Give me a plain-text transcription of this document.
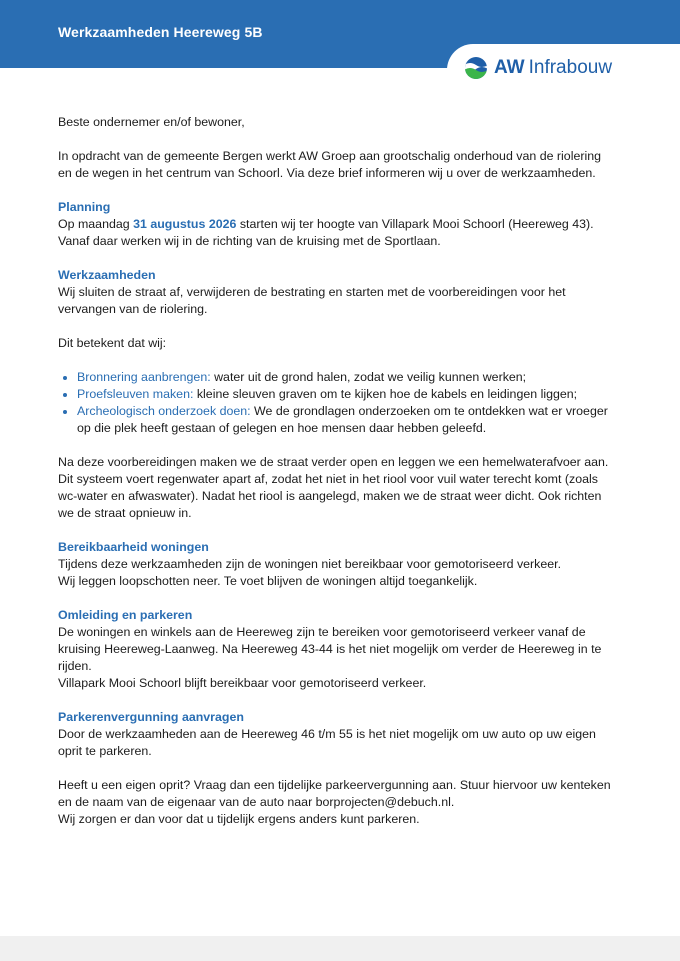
Werkzaamheden Heereweg 5B
AW Infrabouw

Beste ondernemer en/of bewoner,

In opdracht van de gemeente Bergen werkt AW Groep aan grootschalig onderhoud van de riolering en de wegen in het centrum van Schoorl. Via deze brief informeren wij u over de werkzaamheden.

Planning

Op maandag 31 augustus 2026 starten wij ter hoogte van Villapark Mooi Schoorl (Heereweg 43). Vanaf daar werken wij in de richting van de kruising met de Sportlaan.

Werkzaamheden

Wij sluiten de straat af, verwijderen de bestrating en starten met de voorbereidingen voor het vervangen van de riolering.

Dit betekent dat wij:

• Bronnering aanbrengen: water uit de grond halen, zodat we veilig kunnen werken;
• Proefsleuven maken: kleine sleuven graven om te kijken hoe de kabels en leidingen liggen;
• Archeologisch onderzoek doen: We de grondlagen onderzoeken om te ontdekken wat er vroeger op die plek heeft gestaan of gelegen en hoe mensen daar hebben geleefd.

Na deze voorbereidingen maken we de straat verder open en leggen we een hemelwaterafvoer aan. Dit systeem voert regenwater apart af, zodat het niet in het riool voor vuil water terecht komt (zoals wc-water en afwaswater). Nadat het riool is aangelegd, maken we de straat weer dicht. Ook richten we de straat opnieuw in.

Bereikbaarheid woningen

Tijdens deze werkzaamheden zijn de woningen niet bereikbaar voor gemotoriseerd verkeer.
Wij leggen loopschotten neer. Te voet blijven de woningen altijd toegankelijk.

Omleiding en parkeren

De woningen en winkels aan de Heereweg zijn te bereiken voor gemotoriseerd verkeer vanaf de kruising Heereweg-Laanweg. Na Heereweg 43-44 is het niet mogelijk om verder de Heereweg in te rijden.
Villapark Mooi Schoorl blijft bereikbaar voor gemotoriseerd verkeer.

Parkerenvergunning aanvragen

Door de werkzaamheden aan de Heereweg 46 t/m 55 is het niet mogelijk om uw auto op uw eigen oprit te parkeren.

Heeft u een eigen oprit? Vraag dan een tijdelijke parkeervergunning aan. Stuur hiervoor uw kenteken en de naam van de eigenaar van de auto naar borprojecten@debuch.nl.
Wij zorgen er dan voor dat u tijdelijk ergens anders kunt parkeren.
